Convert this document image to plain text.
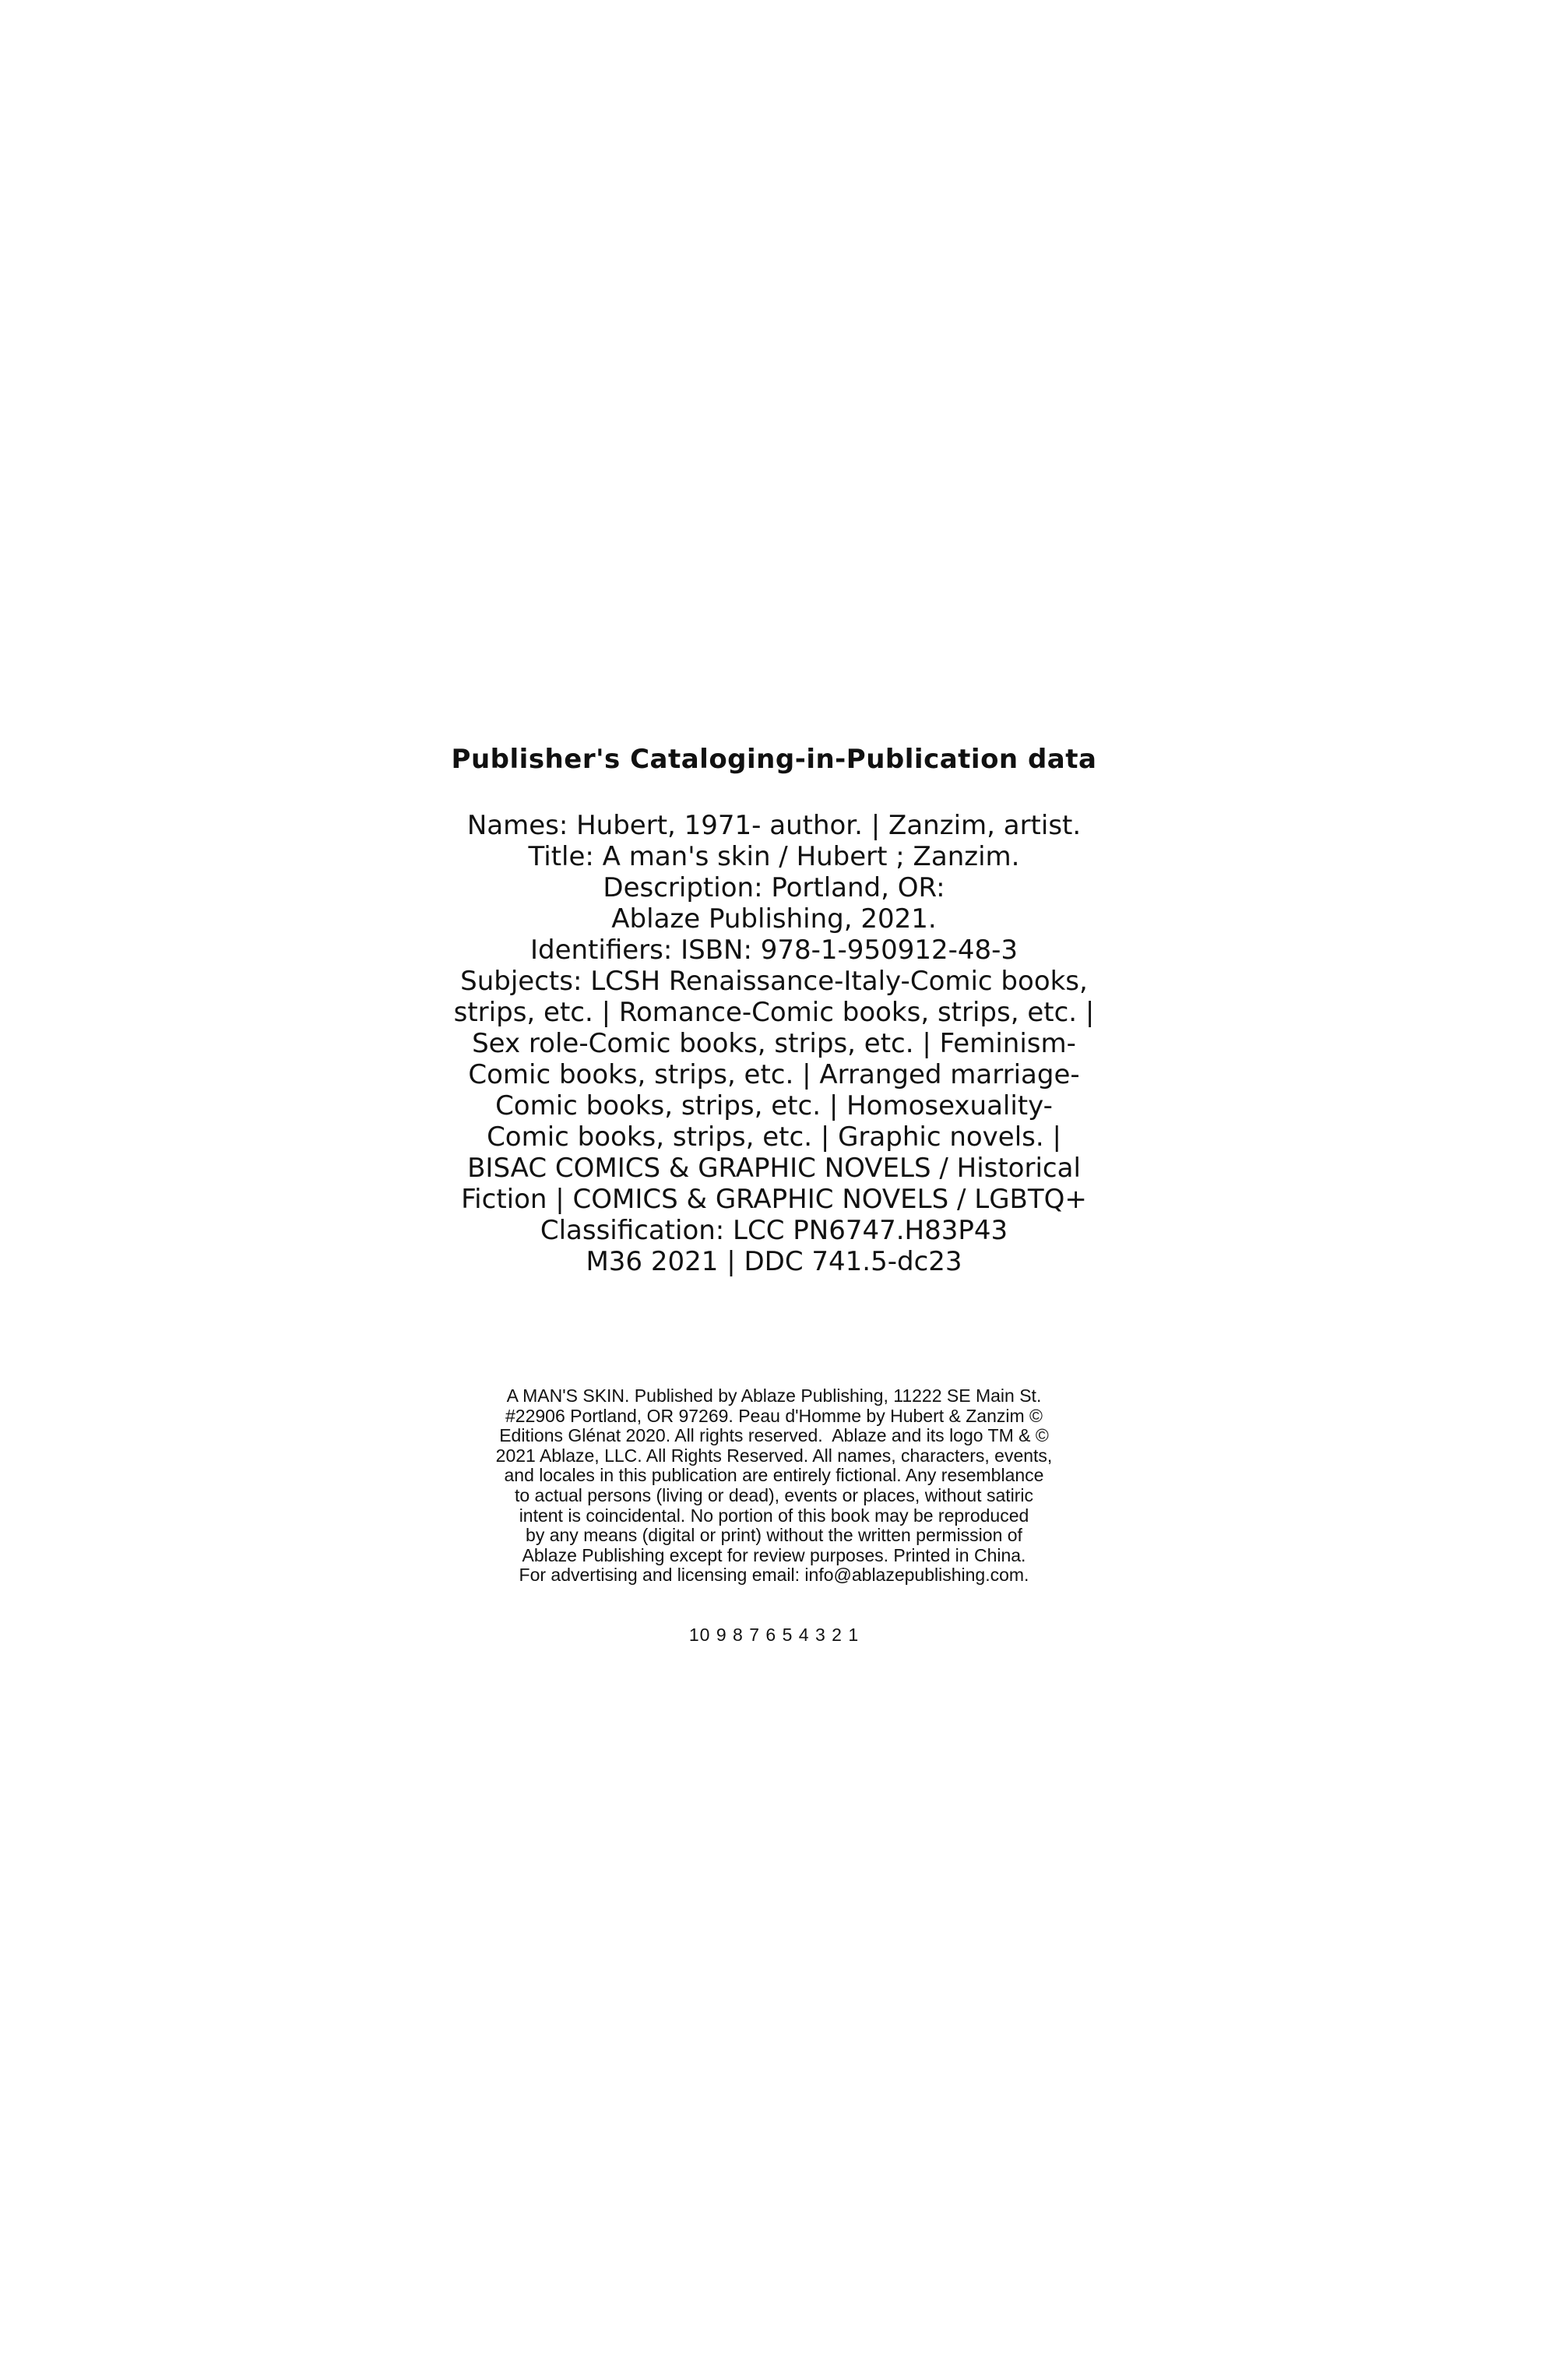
Publisher's Cataloging-in-Publication data
Names: Hubert, 1971- author. | Zanzim, artist.
Title: A man's skin / Hubert ; Zanzim.
Description: Portland, OR:
Ablaze Publishing, 2021.
Identifiers: ISBN: 978-1-950912-48-3
Subjects: LCSH Renaissance-Italy-Comic books,
strips, etc. | Romance-Comic books, strips, etc. |
Sex role-Comic books, strips, etc. | Feminism-
Comic books, strips, etc. | Arranged marriage-
Comic books, strips, etc. | Homosexuality-
Comic books, strips, etc. | Graphic novels. |
BISAC COMICS & GRAPHIC NOVELS / Historical
Fiction | COMICS & GRAPHIC NOVELS / LGBTQ+
Classification: LCC PN6747.H83P43
M36 2021 | DDC 741.5-dc23
A MAN'S SKIN. Published by Ablaze Publishing, 11222 SE Main St.
#22906 Portland, OR 97269. Peau d'Homme by Hubert & Zanzim ©
Editions Glénat 2020. All rights reserved.  Ablaze and its logo TM & ©
2021 Ablaze, LLC. All Rights Reserved. All names, characters, events,
and locales in this publication are entirely fictional. Any resemblance
to actual persons (living or dead), events or places, without satiric
intent is coincidental. No portion of this book may be reproduced
by any means (digital or print) without the written permission of
Ablaze Publishing except for review purposes. Printed in China.
For advertising and licensing email: info@ablazepublishing.com.
10 9 8 7 6 5 4 3 2 1
